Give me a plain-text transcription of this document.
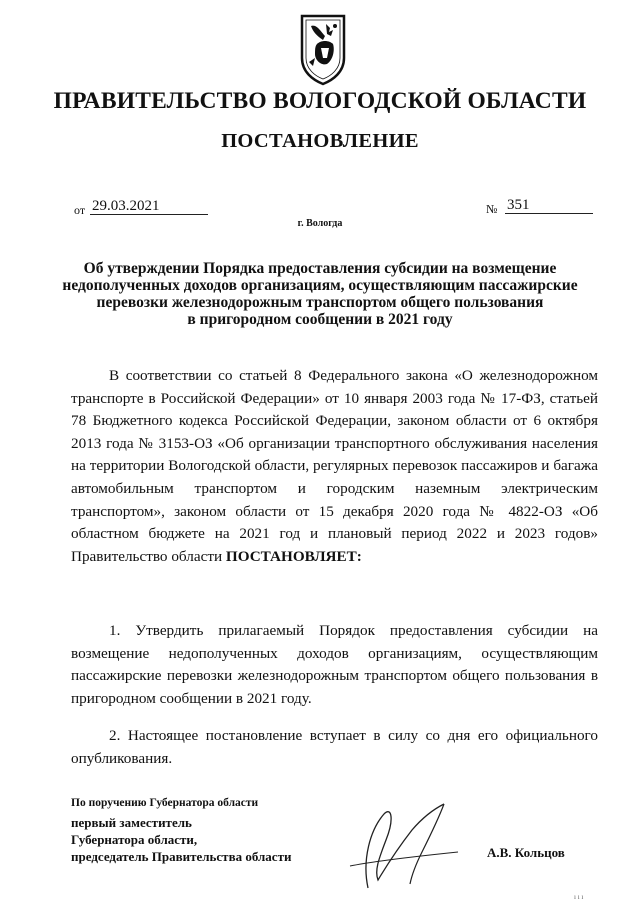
ПРАВИТЕЛЬСТВО ВОЛОГОДСКОЙ ОБЛАСТИ
ПОСТАНОВЛЕНИЕ
от 29.03.2021	№ 351
г. Вологда
Об утверждении Порядка предоставления субсидии на возмещение
недополученных доходов организациям, осуществляющим пассажирские
перевозки железнодорожным транспортом общего пользования
в пригородном сообщении в 2021 году
В соответствии со статьей 8 Федерального закона «О железнодорожном транспорте в Российской Федерации» от 10 января 2003 года № 17-ФЗ, статьей 78 Бюджетного кодекса Российской Федерации, законом области от 6 октября 2013 года № 3153-ОЗ «Об организации транспортного обслуживания населения на территории Вологодской области, регулярных перевозок пассажиров и багажа автомобильным транспортом и городским наземным электрическим транспортом», законом области от 15 декабря 2020 года № 4822-ОЗ «Об областном бюджете на 2021 год и плановый период 2022 и 2023 годов» Правительство области ПОСТАНОВЛЯЕТ:
1. Утвердить прилагаемый Порядок предоставления субсидии на возмещение недополученных доходов организациям, осуществляющим пассажирские перевозки железнодорожным транспортом общего пользования в пригородном сообщении в 2021 году.
2. Настоящее постановление вступает в силу со дня его официального опубликования.
По поручению Губернатора области
первый заместитель
Губернатора области,
председатель Правительства области	А.В. Кольцов
ı ı ı
